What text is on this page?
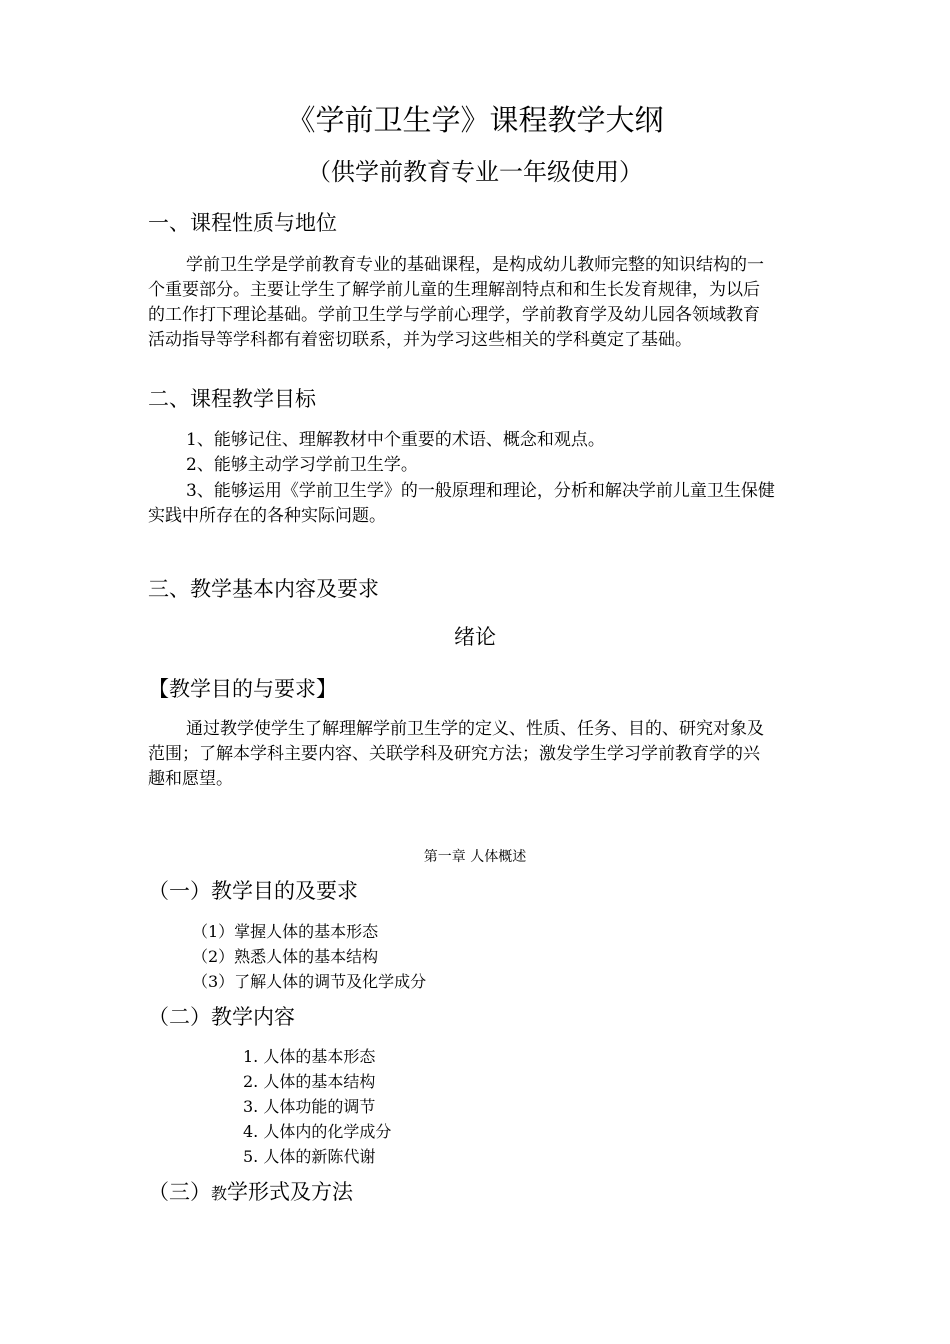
《学前卫生学》课程教学大纲
（供学前教育专业一年级使用）
一、课程性质与地位
学前卫生学是学前教育专业的基础课程，是构成幼儿教师完整的知识结构的一
个重要部分。主要让学生了解学前儿童的生理解剖特点和和生长发育规律，为以后
的工作打下理论基础。学前卫生学与学前心理学，学前教育学及幼儿园各领域教育
活动指导等学科都有着密切联系，并为学习这些相关的学科奠定了基础。
二、课程教学目标
1、能够记住、理解教材中个重要的术语、概念和观点。
2、能够主动学习学前卫生学。
3、能够运用《学前卫生学》的一般原理和理论，分析和解决学前儿童卫生保健
实践中所存在的各种实际问题。
三、教学基本内容及要求
绪论
【教学目的与要求】
通过教学使学生了解理解学前卫生学的定义、性质、任务、目的、研究对象及
范围；了解本学科主要内容、关联学科及研究方法；激发学生学习学前教育学的兴
趣和愿望。
第一章 人体概述
（一）教学目的及要求
（1）掌握人体的基本形态
（2）熟悉人体的基本结构
（3）了解人体的调节及化学成分
（二）教学内容
1. 人体的基本形态
2. 人体的基本结构
3. 人体功能的调节
4. 人体内的化学成分
5. 人体的新陈代谢
（三）教学形式及方法
